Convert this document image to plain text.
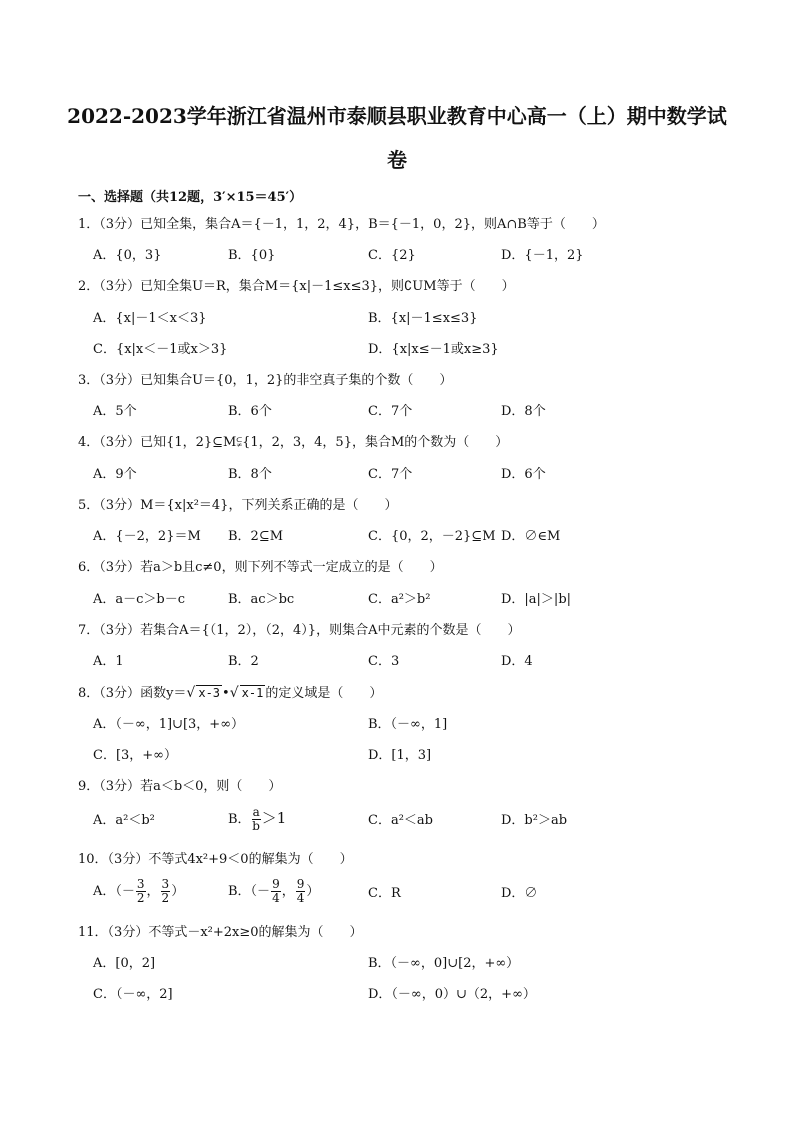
2022-2023学年浙江省温州市泰顺县职业教育中心高一（上）期中数学试
卷
一、选择题（共12题，3′×15＝45′）
1．（3分）已知全集，集合A＝{－1，1，2，4}，B＝{－1，0，2}，则A∩B等于（　　）
A．{0，3}	B．{0}	C．{2}	D．{－1，2}
2．（3分）已知全集U＝R，集合M＝{x|－1≤x≤3}，则∁UM等于（　　）
A．{x|－1＜x＜3}	B．{x|－1≤x≤3}
C．{x|x＜－1或x＞3}	D．{x|x≤－1或x≥3}
3．（3分）已知集合U＝{0，1，2}的非空真子集的个数（　　）
A．5个	B．6个	C．7个	D．8个
4．（3分）已知{1，2}⊆M⫋{1，2，3，4，5}，集合M的个数为（　　）
A．9个	B．8个	C．7个	D．6个
5．（3分）M＝{x|x²＝4}，下列关系正确的是（　　）
A．{－2，2}＝M B．2⊆M	C．{0，2，－2}⊆M D．∅∈M
6．（3分）若a＞b且c≠0，则下列不等式一定成立的是（　　）
A．a－c＞b－c	B．ac＞bc	C．a²＞b²	D．|a|＞|b|
7．（3分）若集合A＝{（1，2），（2，4）}，则集合A中元素的个数是（　　）
A．1	B．2	C．3	D．4
8．（3分）函数y＝√ x-3 •√ x-1 的定义域是（　　）
A．（－∞，1]∪[3，+∞）	B．（－∞，1]
C．[3，+∞）	D．[1，3]
9．（3分）若a＜b＜0，则（　　）
A．a²＜b²	B． $\frac{a}{b} >1$	C．a²＜ab	D．b²＞ab
10．（3分）不等式4x²+9＜0的解集为（　　）
A．（－ $\frac{3}{2}$ ， $\frac{3}{2}$ ）	B．（－ $\frac{9}{4}$ ， $\frac{9}{4}$ ）	C．R	D．∅
11．（3分）不等式－x²+2x≥0的解集为（　　）
A．[0，2]	B．（－∞，0]∪[2，+∞）
C．（－∞，2]	D．（－∞，0）∪（2，+∞）
